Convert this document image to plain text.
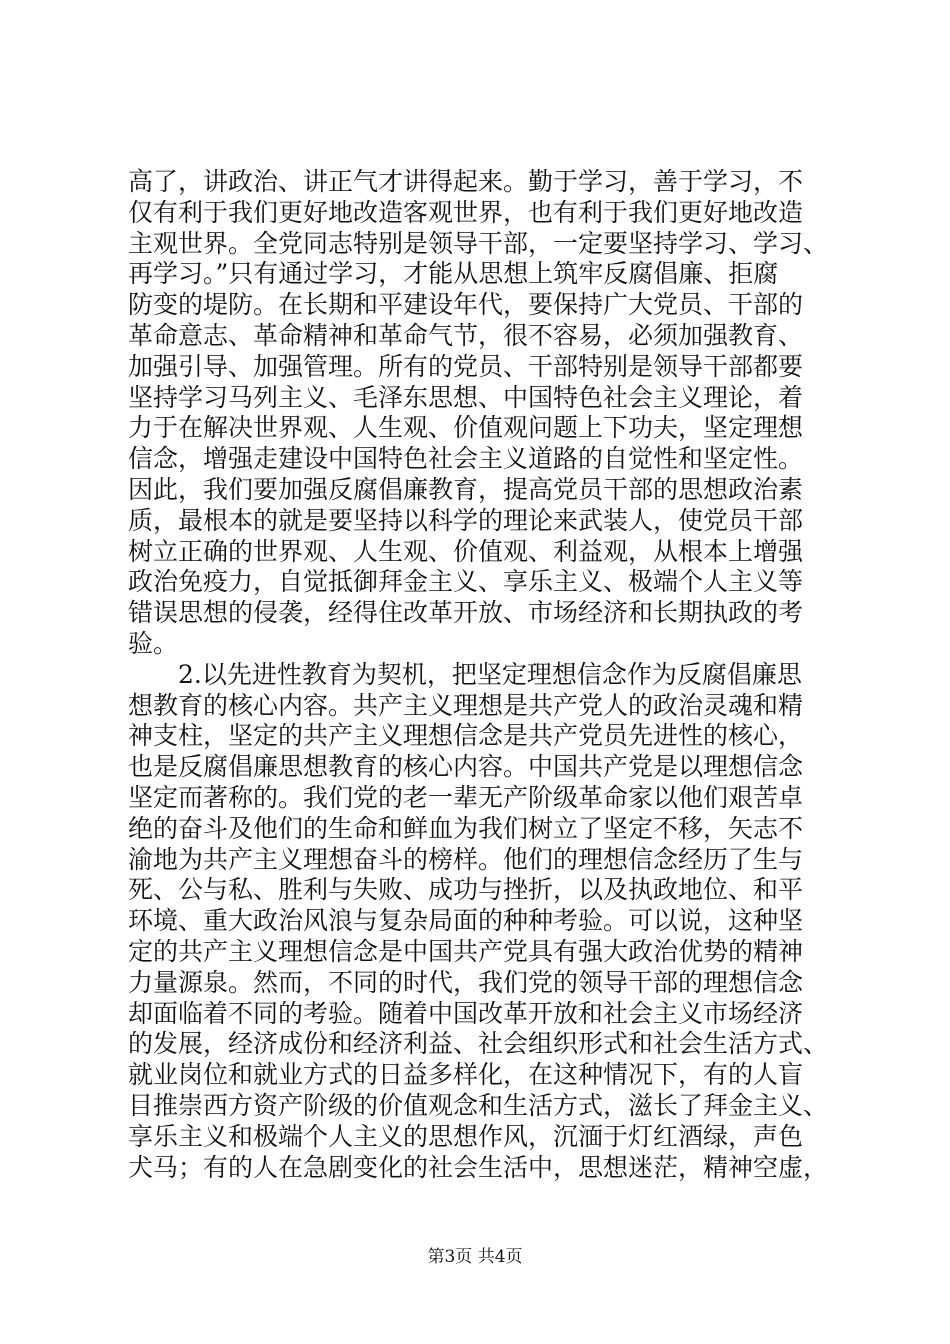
高了，讲政治、讲正气才讲得起来。勤于学习，善于学习，不
仅有利于我们更好地改造客观世界，也有利于我们更好地改造
主观世界。全党同志特别是领导干部，一定要坚持学习、学习、
再学习。”只有通过学习，才能从思想上筑牢反腐倡廉、拒腐
防变的堤防。在长期和平建设年代，要保持广大党员、干部的
革命意志、革命精神和革命气节，很不容易，必须加强教育、
加强引导、加强管理。所有的党员、干部特别是领导干部都要
坚持学习马列主义、毛泽东思想、中国特色社会主义理论，着
力于在解决世界观、人生观、价值观问题上下功夫，坚定理想
信念，增强走建设中国特色社会主义道路的自觉性和坚定性。
因此，我们要加强反腐倡廉教育，提高党员干部的思想政治素
质，最根本的就是要坚持以科学的理论来武装人，使党员干部
树立正确的世界观、人生观、价值观、利益观，从根本上增强
政治免疫力，自觉抵御拜金主义、享乐主义、极端个人主义等
错误思想的侵袭，经得住改革开放、市场经济和长期执政的考
验。
2.以先进性教育为契机，把坚定理想信念作为反腐倡廉思
想教育的核心内容。共产主义理想是共产党人的政治灵魂和精
神支柱，坚定的共产主义理想信念是共产党员先进性的核心，
也是反腐倡廉思想教育的核心内容。中国共产党是以理想信念
坚定而著称的。我们党的老一辈无产阶级革命家以他们艰苦卓
绝的奋斗及他们的生命和鲜血为我们树立了坚定不移，矢志不
渝地为共产主义理想奋斗的榜样。他们的理想信念经历了生与
死、公与私、胜利与失败、成功与挫折，以及执政地位、和平
环境、重大政治风浪与复杂局面的种种考验。可以说，这种坚
定的共产主义理想信念是中国共产党具有强大政治优势的精神
力量源泉。然而，不同的时代，我们党的领导干部的理想信念
却面临着不同的考验。随着中国改革开放和社会主义市场经济
的发展，经济成份和经济利益、社会组织形式和社会生活方式、
就业岗位和就业方式的日益多样化，在这种情况下，有的人盲
目推崇西方资产阶级的价值观念和生活方式，滋长了拜金主义、
享乐主义和极端个人主义的思想作风，沉湎于灯红酒绿，声色
犬马；有的人在急剧变化的社会生活中，思想迷茫，精神空虚，
第3页 共4页
